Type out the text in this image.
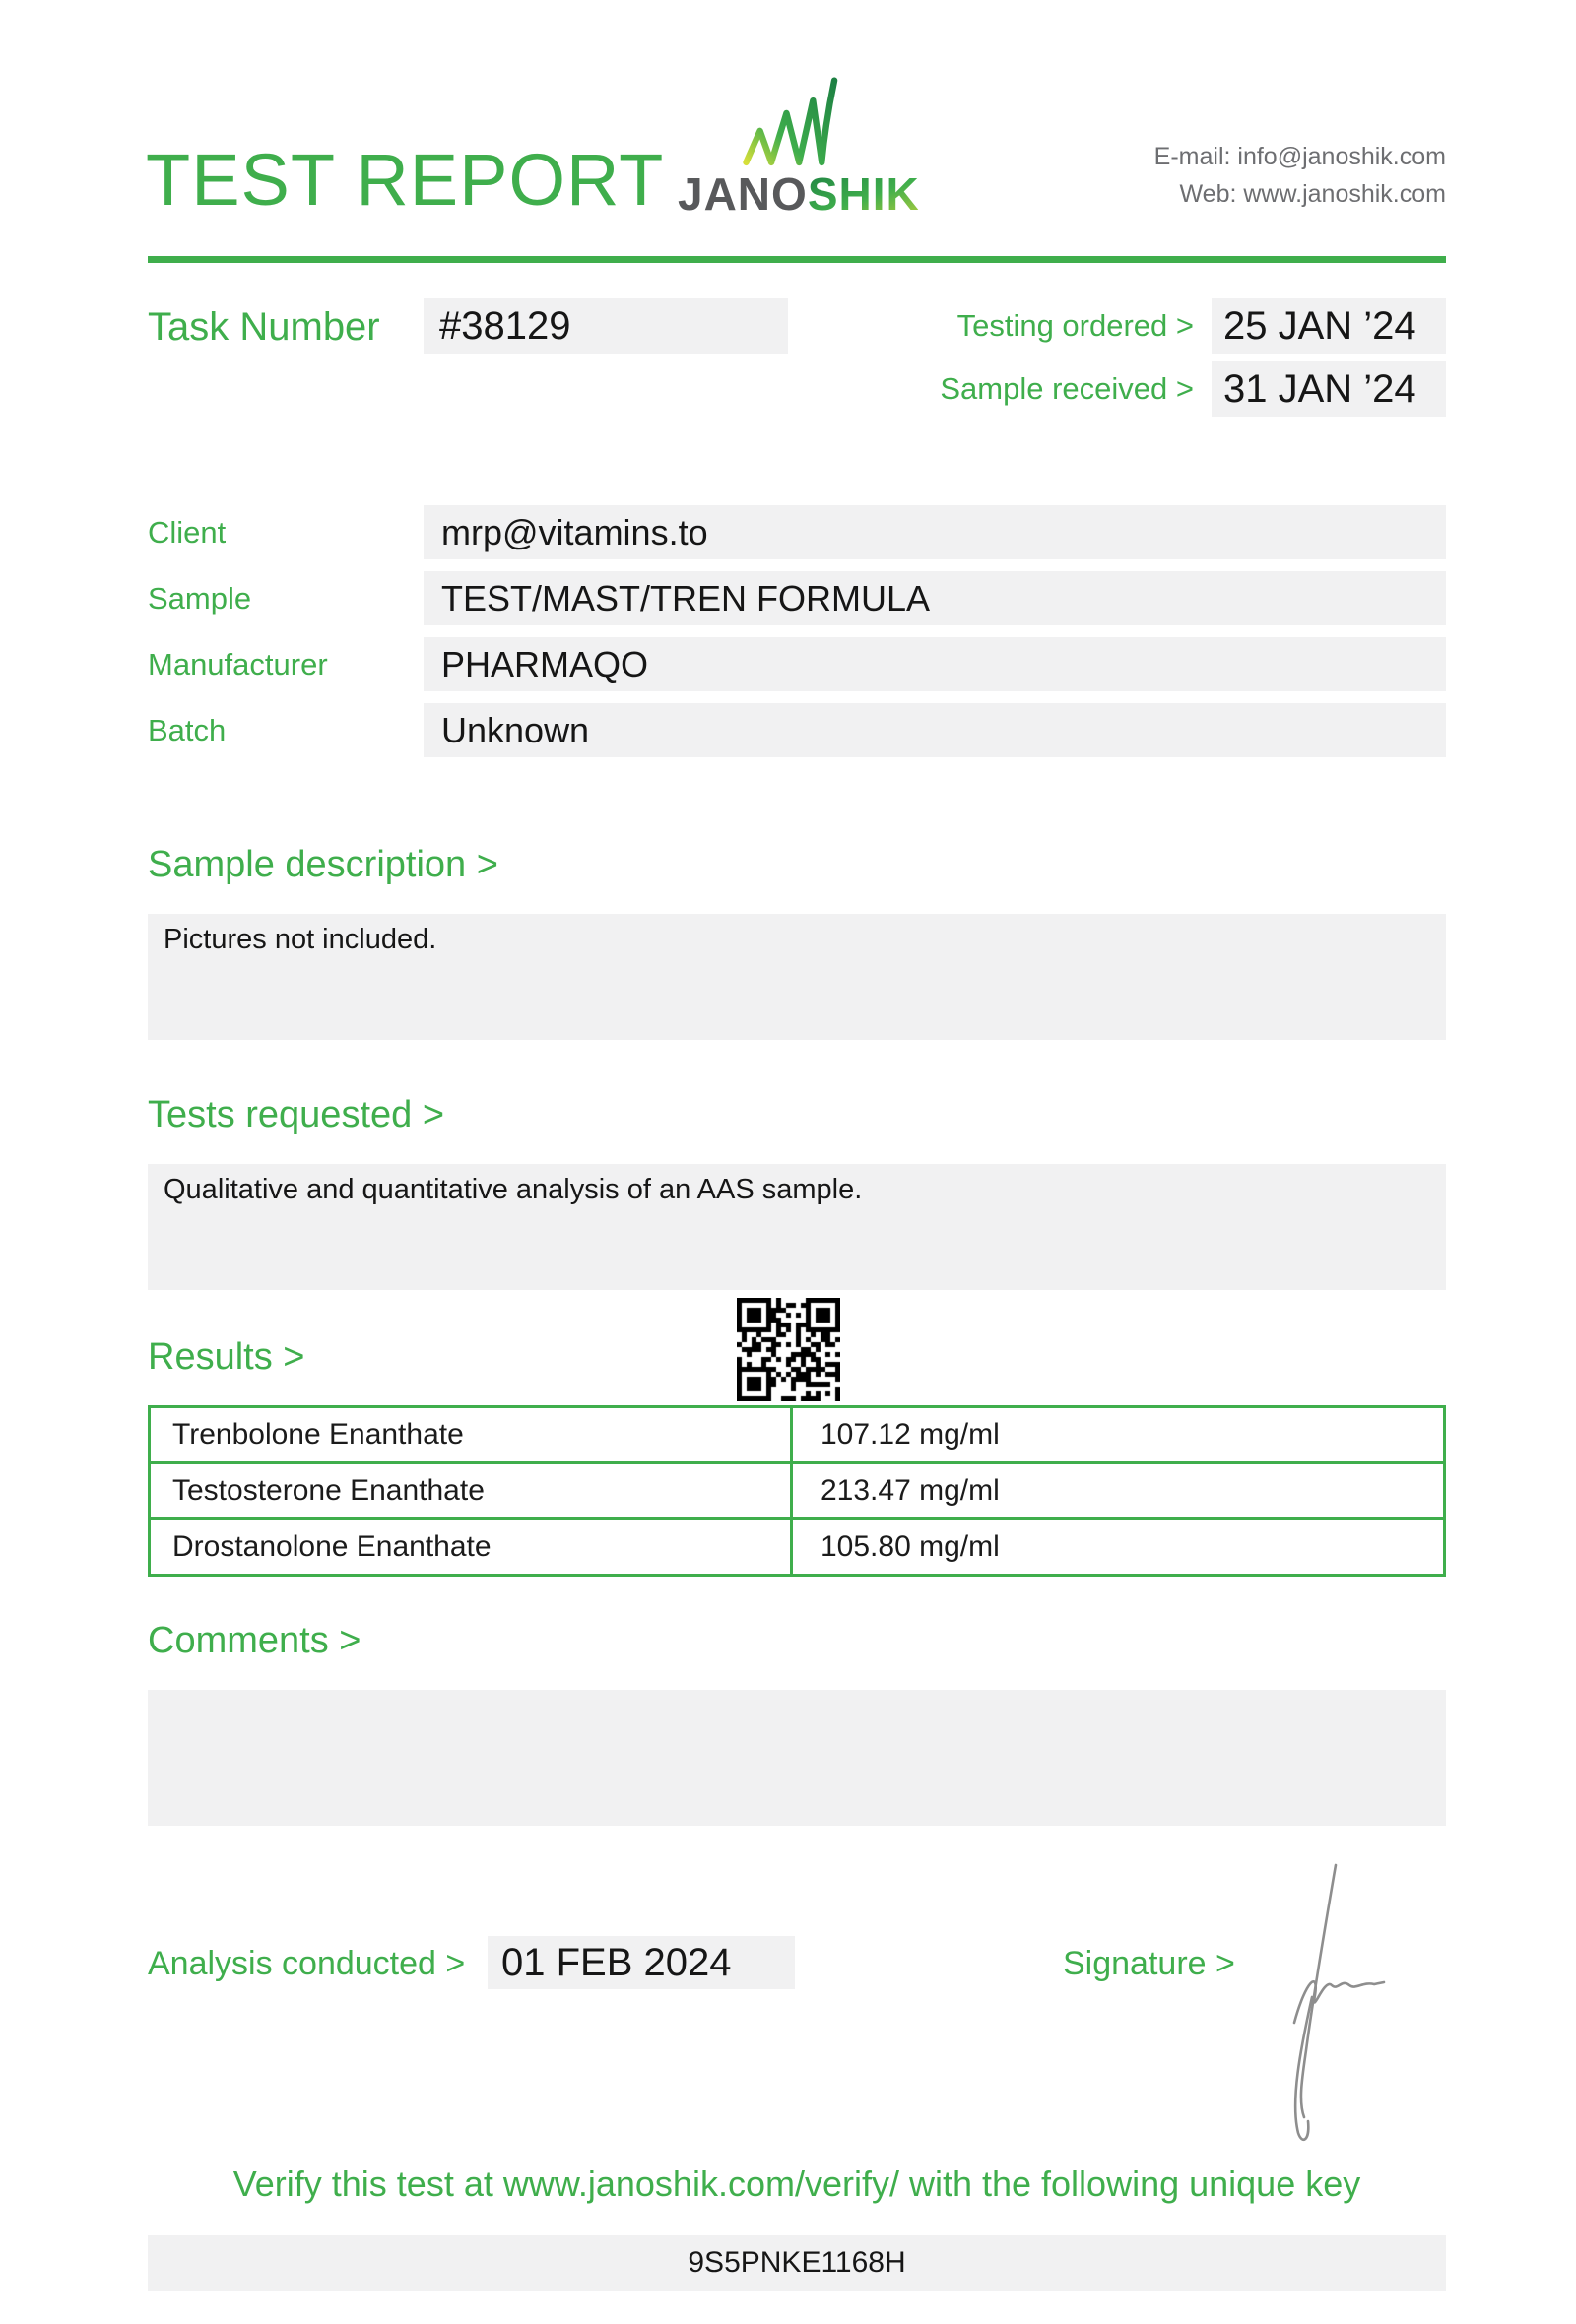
TEST REPORT JANOSHIK
E-mail: info@janoshik.com
Web: www.janoshik.com
Task Number	#38129	Testing ordered > 25 JAN ’24
Sample received > 31 JAN ’24
Client	mrp@vitamins.to
Sample	TEST/MAST/TREN FORMULA
Manufacturer	PHARMAQO
Batch	Unknown
Sample description >
Pictures not included.
Tests requested >
Qualitative and quantitative analysis of an AAS sample.
Results >
Trenbolone Enanthate	107.12 mg/ml
Testosterone Enanthate	213.47 mg/ml
Drostanolone Enanthate	105.80 mg/ml
Comments >
Analysis conducted > 01 FEB 2024	Signature >
Verify this test at www.janoshik.com/verify/ with the following unique key
9S5PNKE1168H
